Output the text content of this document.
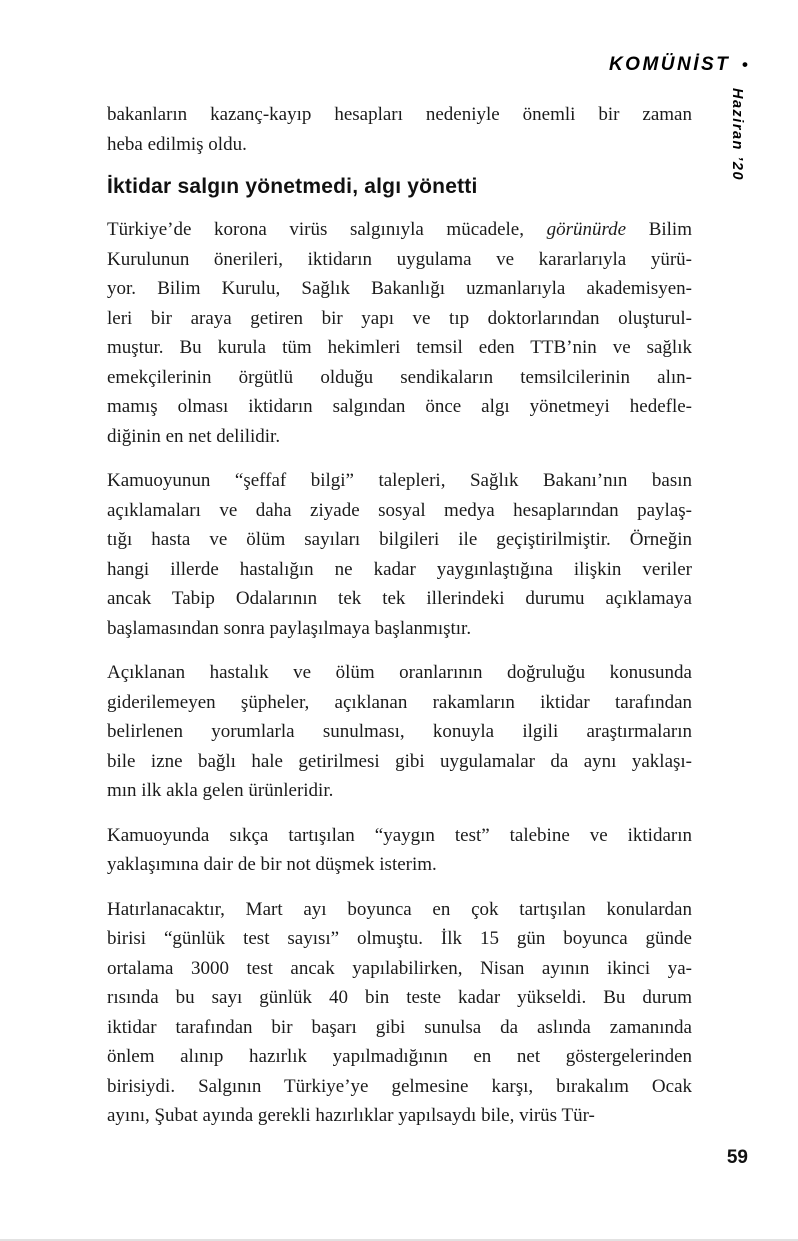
KOMÜNİST •
Haziran ’20
bakanların kazanç-kayıp hesapları nedeniyle önemli bir zaman
heba edilmiş oldu.
İktidar salgın yönetmedi, algı yönetti
Türkiye’de korona virüs salgınıyla mücadele, görünürde Bilim
Kurulunun önerileri, iktidarın uygulama ve kararlarıyla yürü-
yor. Bilim Kurulu, Sağlık Bakanlığı uzmanlarıyla akademisyen-
leri bir araya getiren bir yapı ve tıp doktorlarından oluşturul-
muştur. Bu kurula tüm hekimleri temsil eden TTB’nin ve sağlık
emekçilerinin örgütlü olduğu sendikaların temsilcilerinin alın-
mamış olması iktidarın salgından önce algı yönetmeyi hedefle-
diğinin en net delilidir.
Kamuoyunun “şeffaf bilgi” talepleri, Sağlık Bakanı’nın basın
açıklamaları ve daha ziyade sosyal medya hesaplarından paylaş-
tığı hasta ve ölüm sayıları bilgileri ile geçiştirilmiştir. Örneğin
hangi illerde hastalığın ne kadar yaygınlaştığına ilişkin veriler
ancak Tabip Odalarının tek tek illerindeki durumu açıklamaya
başlamasından sonra paylaşılmaya başlanmıştır.
Açıklanan hastalık ve ölüm oranlarının doğruluğu konusunda
giderilemeyen şüpheler, açıklanan rakamların iktidar tarafından
belirlenen yorumlarla sunulması, konuyla ilgili araştırmaların
bile izne bağlı hale getirilmesi gibi uygulamalar da aynı yaklaşı-
mın ilk akla gelen ürünleridir.
Kamuoyunda sıkça tartışılan “yaygın test” talebine ve iktidarın
yaklaşımına dair de bir not düşmek isterim.
Hatırlanacaktır, Mart ayı boyunca en çok tartışılan konulardan
birisi “günlük test sayısı” olmuştu. İlk 15 gün boyunca günde
ortalama 3000 test ancak yapılabilirken, Nisan ayının ikinci ya-
rısında bu sayı günlük 40 bin teste kadar yükseldi. Bu durum
iktidar tarafından bir başarı gibi sunulsa da aslında zamanında
önlem alınıp hazırlık yapılmadığının en net göstergelerinden
birisiydi. Salgının Türkiye’ye gelmesine karşı, bırakalım Ocak
ayını, Şubat ayında gerekli hazırlıklar yapılsaydı bile, virüs Tür-
59
